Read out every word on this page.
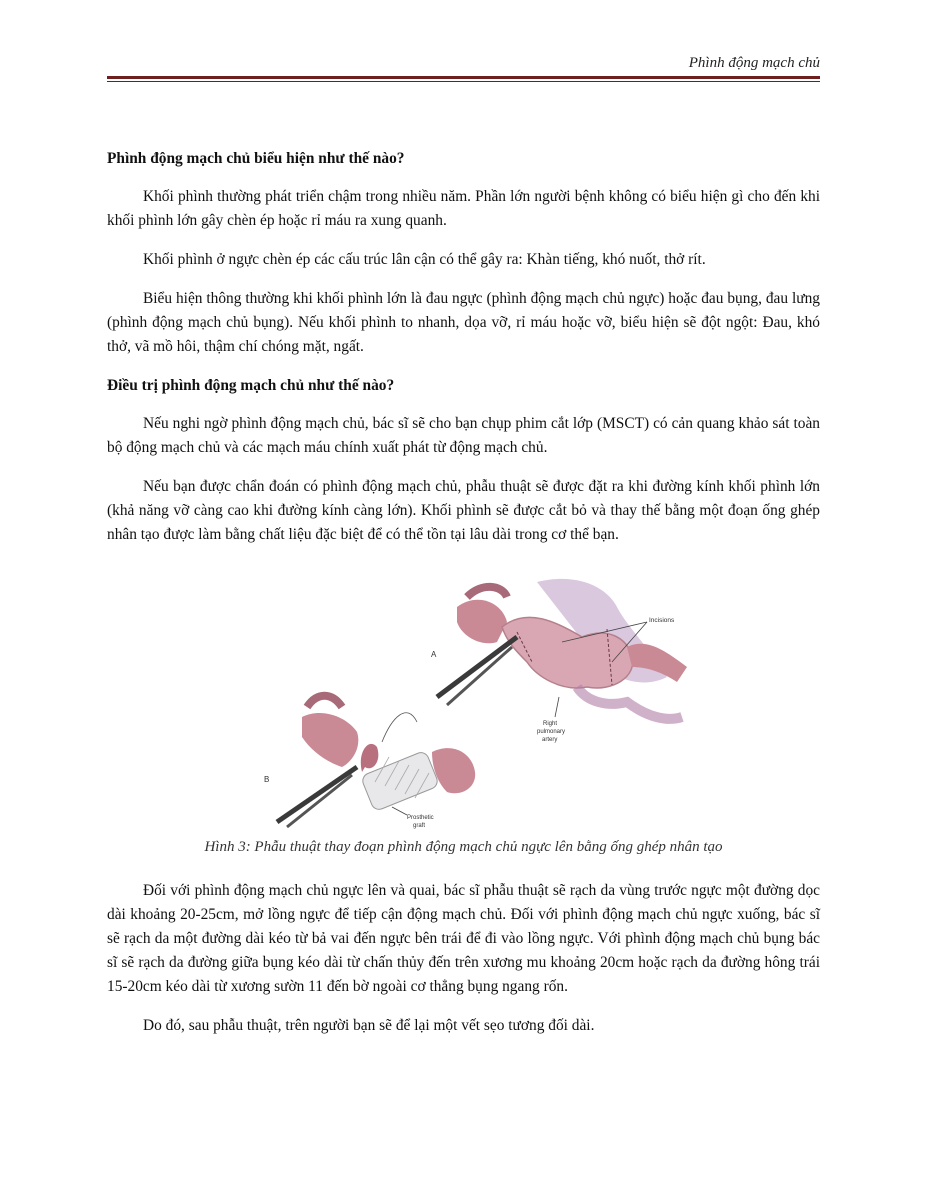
Phình động mạch chủ
Phình động mạch chủ biểu hiện như thế nào?

Khối phình thường phát triển chậm trong nhiều năm. Phần lớn người bệnh không có biểu hiện gì cho đến khi khối phình lớn gây chèn ép hoặc rỉ máu ra xung quanh.

Khối phình ở ngực chèn ép các cấu trúc lân cận có thể gây ra: Khàn tiếng, khó nuốt, thở rít.

Biểu hiện thông thường khi khối phình lớn là đau ngực (phình động mạch chủ ngực) hoặc đau bụng, đau lưng (phình động mạch chủ bụng). Nếu khối phình to nhanh, dọa vỡ, rỉ máu hoặc vỡ, biểu hiện sẽ đột ngột: Đau, khó thở, vã mồ hôi, thậm chí chóng mặt, ngất.

Điều trị phình động mạch chủ như thế nào?

Nếu nghi ngờ phình động mạch chủ, bác sĩ sẽ cho bạn chụp phim cắt lớp (MSCT) có cản quang khảo sát toàn bộ động mạch chủ và các mạch máu chính xuất phát từ động mạch chủ.

Nếu bạn được chẩn đoán có phình động mạch chủ, phẫu thuật sẽ được đặt ra khi đường kính khối phình lớn (khả năng vỡ càng cao khi đường kính càng lớn). Khối phình sẽ được cắt bỏ và thay thế bằng một đoạn ống ghép nhân tạo được làm bằng chất liệu đặc biệt để có thể tồn tại lâu dài trong cơ thể bạn.

A
Incisions
Right
pulmonary
artery
B
Prosthetic
graft
Hình 3: Phẫu thuật thay đoạn phình động mạch chủ ngực lên bằng ống ghép nhân tạo

Đối với phình động mạch chủ ngực lên và quai, bác sĩ phẫu thuật sẽ rạch da vùng trước ngực một đường dọc dài khoảng 20-25cm, mở lồng ngực để tiếp cận động mạch chủ. Đối với phình động mạch chủ ngực xuống, bác sĩ sẽ rạch da một đường dài kéo từ bả vai đến ngực bên trái để đi vào lồng ngực. Với phình động mạch chủ bụng bác sĩ sẽ rạch da đường giữa bụng kéo dài từ chấn thủy đến trên xương mu khoảng 20cm hoặc rạch da đường hông trái 15-20cm kéo dài từ xương sườn 11 đến bờ ngoài cơ thẳng bụng ngang rốn.

Do đó, sau phẫu thuật, trên người bạn sẽ để lại một vết sẹo tương đối dài.
